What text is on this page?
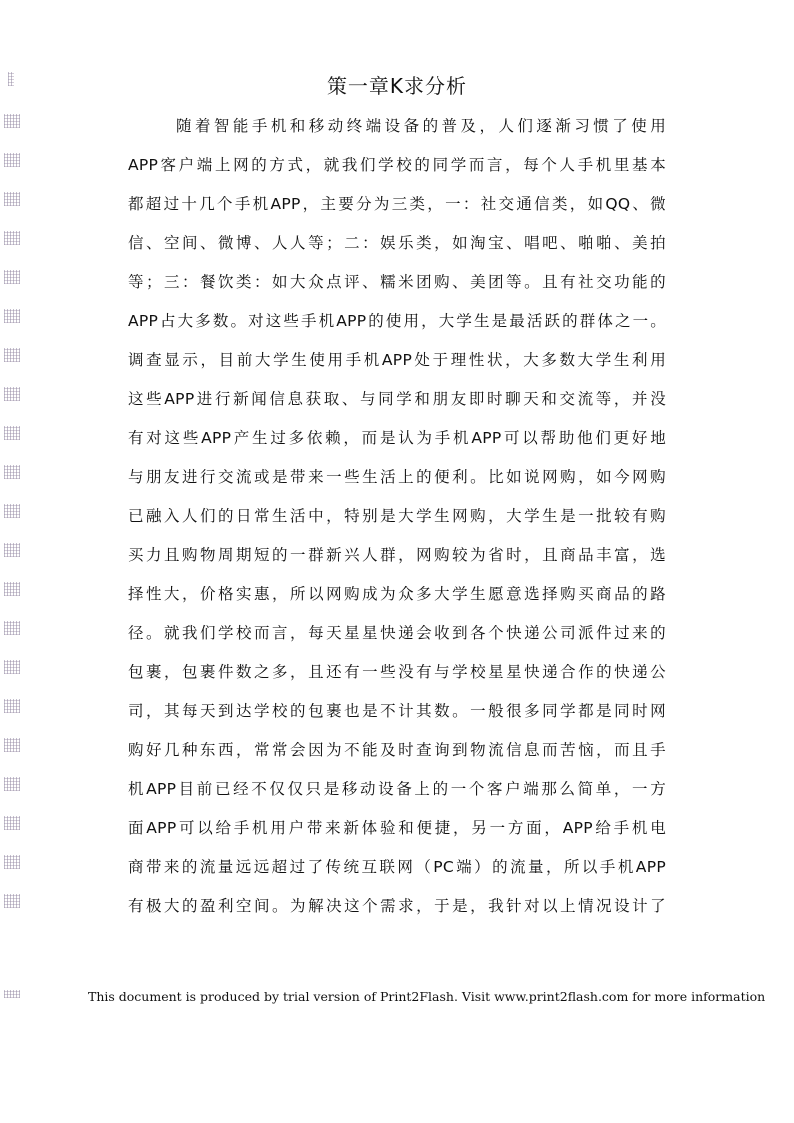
策一章K求分析
随着智能手机和移动终端设备的普及，人们逐渐习惯了使用
APP客户端上网的方式，就我们学校的同学而言，每个人手机里基本
都超过十几个手机APP，主要分为三类，一：社交通信类，如QQ、微
信、空间、微博、人人等；二：娱乐类，如淘宝、唱吧、啪啪、美拍
等；三：餐饮类：如大众点评、糯米团购、美团等。且有社交功能的
APP占大多数。对这些手机APP的使用，大学生是最活跃的群体之一。
调查显示，目前大学生使用手机APP处于理性状，大多数大学生利用
这些APP进行新闻信息获取、与同学和朋友即时聊天和交流等，并没
有对这些APP产生过多依赖，而是认为手机APP可以帮助他们更好地
与朋友进行交流或是带来一些生活上的便利。比如说网购，如今网购
已融入人们的日常生活中，特别是大学生网购，大学生是一批较有购
买力且购物周期短的一群新兴人群，网购较为省时，且商品丰富，选
择性大，价格实惠，所以网购成为众多大学生愿意选择购买商品的路
径。就我们学校而言，每天星星快递会收到各个快递公司派件过来的
包裹，包裹件数之多，且还有一些没有与学校星星快递合作的快递公
司，其每天到达学校的包裹也是不计其数。一般很多同学都是同时网
购好几种东西，常常会因为不能及时查询到物流信息而苦恼，而且手
机APP目前已经不仅仅只是移动设备上的一个客户端那么简单，一方
面APP可以给手机用户带来新体验和便捷，另一方面，APP给手机电
商带来的流量远远超过了传统互联网（PC端）的流量，所以手机APP
有极大的盈利空间。为解决这个需求，于是，我针对以上情况设计了
This document is produced by trial version of Print2Flash. Visit www.print2flash.com for more information
